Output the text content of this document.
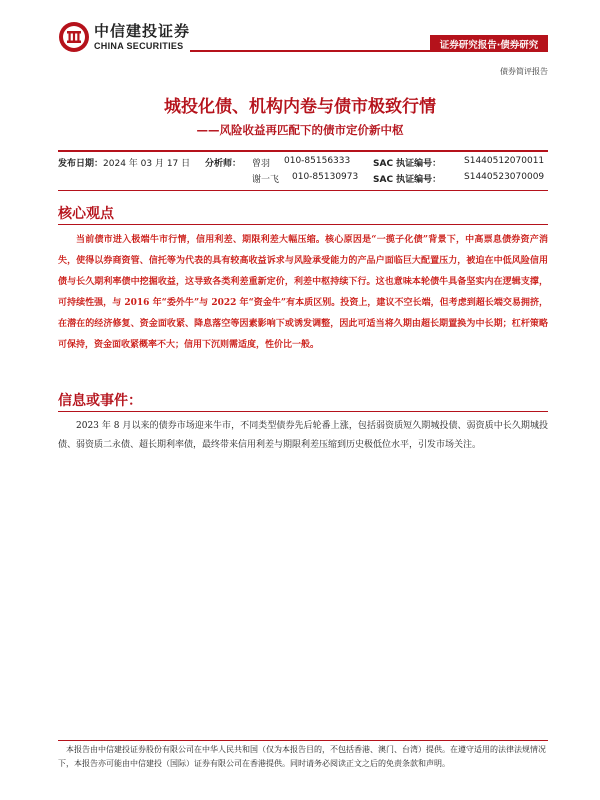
中信建投证券
CHINA SECURITIES	证券研究报告·债券研究
债券简评报告
城投化债、机构内卷与债市极致行情
——风险收益再匹配下的债市定价新中枢
发布日期：2024 年 03 月 17 日 分析师： 曾羽 010-85156333	SAC 执证编号：	S1440512070011
谢一飞 010-85130973 SAC 执证编号：	S1440523070009
核心观点

当前债市进入极端牛市行情，信用利差、期限利差大幅压缩。核心原因是“一揽子化债”背景下，中高票息债券资产消失，使得以券商资管、信托等为代表的具有较高收益诉求与风险承受能力的产品户面临巨大配置压力，被迫在中低风险信用债与长久期利率债中挖掘收益，这导致各类利差重新定价，利差中枢持续下行。这也意味本轮债牛具备坚实内在逻辑支撑，可持续性强，与 2016 年“委外牛”与 2022 年“资金牛”有本质区别。投资上，建议不空长端，但考虑到超长端交易拥挤，在潜在的经济修复、资金面收紧、降息落空等因素影响下或诱发调整，因此可适当将久期由超长期置换为中长期；杠杆策略可保持，资金面收紧概率不大；信用下沉则需适度，性价比一般。

信息或事件：

2023 年 8 月以来的债券市场迎来牛市，不同类型债券先后轮番上涨，包括弱资质短久期城投债、弱资质中长久期城投债、弱资质二永债、超长期利率债，最终带来信用利差与期限利差压缩到历史极低位水平，引发市场关注。

本报告由中信建投证券股份有限公司在中华人民共和国（仅为本报告目的，不包括香港、澳门、台湾）提供。在遵守适用的法律法规情况下，本报告亦可能由中信建投（国际）证券有限公司在香港提供。同时请务必阅读正文之后的免责条款和声明。
